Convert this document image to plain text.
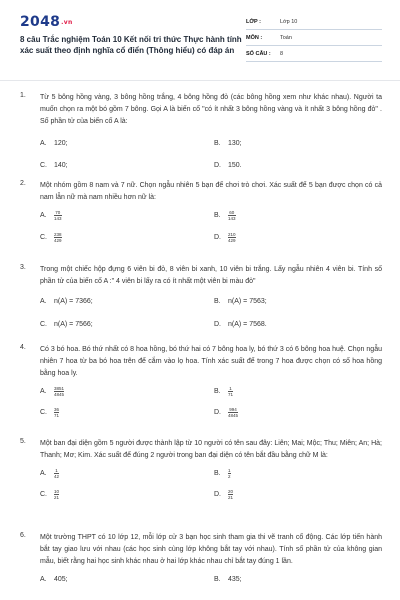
2048.vn
8 câu Trắc nghiệm Toán 10 Kết nối tri thức Thực hành tính xác suất theo định nghĩa cổ điển (Thông hiểu) có đáp án
LỚP :	Lớp 10
MÔN :	Toán
SỐ CÂU :	8
1. Từ 5 bông hồng vàng, 3 bông hồng trắng, 4 bông hồng đỏ (các bông hồng xem như khác nhau). Người ta muốn chọn ra một bó gồm 7 bông. Gọi A là biến cố "có ít nhất 3 bông hồng vàng và ít nhất 3 bông hồng đỏ" . Số phần tử của biến cố A là:
A. 120;	B. 130;
C. 140;	D. 150.
2. Một nhóm gồm 8 nam và 7 nữ. Chọn ngẫu nhiên 5 bạn để chơi trò chơi. Xác suất để 5 bạn được chọn có cả nam lẫn nữ mà nam nhiều hơn nữ là:
A. $\frac{70}{143}$	B. $\frac{60}{143}$
C. $\frac{238}{429}$	D. $\frac{210}{429}$
3. Trong một chiếc hộp đựng 6 viên bi đỏ, 8 viên bi xanh, 10 viên bi trắng. Lấy ngẫu nhiên 4 viên bi. Tính số phần tử của biến cố A :" 4 viên bi lấy ra có ít nhất một viên bi màu đỏ"
A. n(A) = 7366;	B. n(A) = 7563;
C. n(A) = 7566;	D. n(A) = 7568.
4. Có 3 bó hoa. Bó thứ nhất có 8 hoa hồng, bó thứ hai có 7 bông hoa ly, bó thứ 3 có 6 bông hoa huệ. Chọn ngẫu nhiên 7 hoa từ ba bó hoa trên để cắm vào lọ hoa. Tính xác suất để trong 7 hoa được chọn có số hoa hồng bằng hoa ly.
A. $\frac{3851}{4845}$	B. $\frac{1}{71}$
C. $\frac{36}{71}$	D. $\frac{994}{4845}$
5. Một ban đại diện gồm 5 người được thành lập từ 10 người có tên sau đây: Liên; Mai; Mộc; Thu; Miên; An; Hà; Thanh; Mơ; Kim. Xác suất để đúng 2 người trong ban đại diện có tên bắt đầu bằng chữ M là:
A. $\frac{1}{42}$	B. $\frac{1}{2}$
C. $\frac{10}{21}$	D. $\frac{20}{21}$
6. Một trường THPT có 10 lớp 12, mỗi lớp cử 3 bạn học sinh tham gia thi vẽ tranh cổ động. Các lớp tiến hành bắt tay giao lưu với nhau (các học sinh cùng lớp không bắt tay với nhau). Tính số phần tử của không gian mẫu, biết rằng hai học sinh khác nhau ở hai lớp khác nhau chỉ bắt tay đúng 1 lần.
A. 405;	B. 435;
